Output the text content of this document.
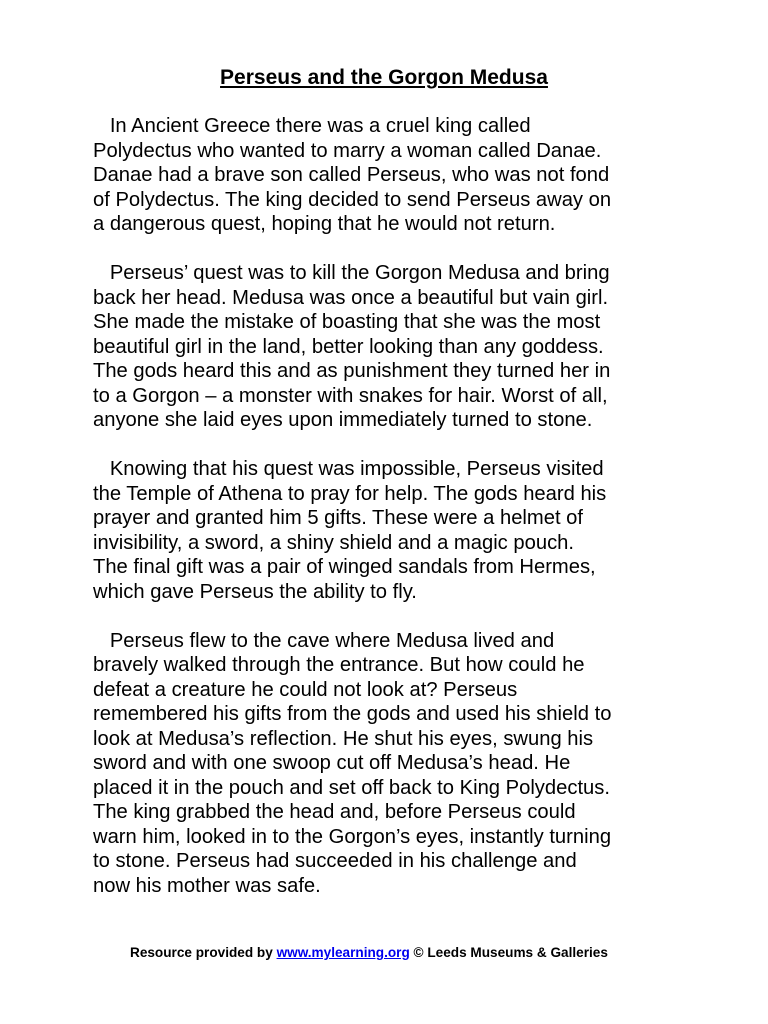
Perseus and the Gorgon Medusa

In Ancient Greece there was a cruel king called
Polydectus who wanted to marry a woman called Danae.
Danae had a brave son called Perseus, who was not fond
of Polydectus. The king decided to send Perseus away on
a dangerous quest, hoping that he would not return.

Perseus’ quest was to kill the Gorgon Medusa and bring
back her head. Medusa was once a beautiful but vain girl.
She made the mistake of boasting that she was the most
beautiful girl in the land, better looking than any goddess.
The gods heard this and as punishment they turned her in
to a Gorgon – a monster with snakes for hair. Worst of all,
anyone she laid eyes upon immediately turned to stone.

Knowing that his quest was impossible, Perseus visited
the Temple of Athena to pray for help. The gods heard his
prayer and granted him 5 gifts. These were a helmet of
invisibility, a sword, a shiny shield and a magic pouch.
The final gift was a pair of winged sandals from Hermes,
which gave Perseus the ability to fly.

Perseus flew to the cave where Medusa lived and
bravely walked through the entrance. But how could he
defeat a creature he could not look at? Perseus
remembered his gifts from the gods and used his shield to
look at Medusa’s reflection. He shut his eyes, swung his
sword and with one swoop cut off Medusa’s head. He
placed it in the pouch and set off back to King Polydectus.
The king grabbed the head and, before Perseus could
warn him, looked in to the Gorgon’s eyes, instantly turning
to stone. Perseus had succeeded in his challenge and
now his mother was safe.

Resource provided by www.mylearning.org © Leeds Museums & Galleries
